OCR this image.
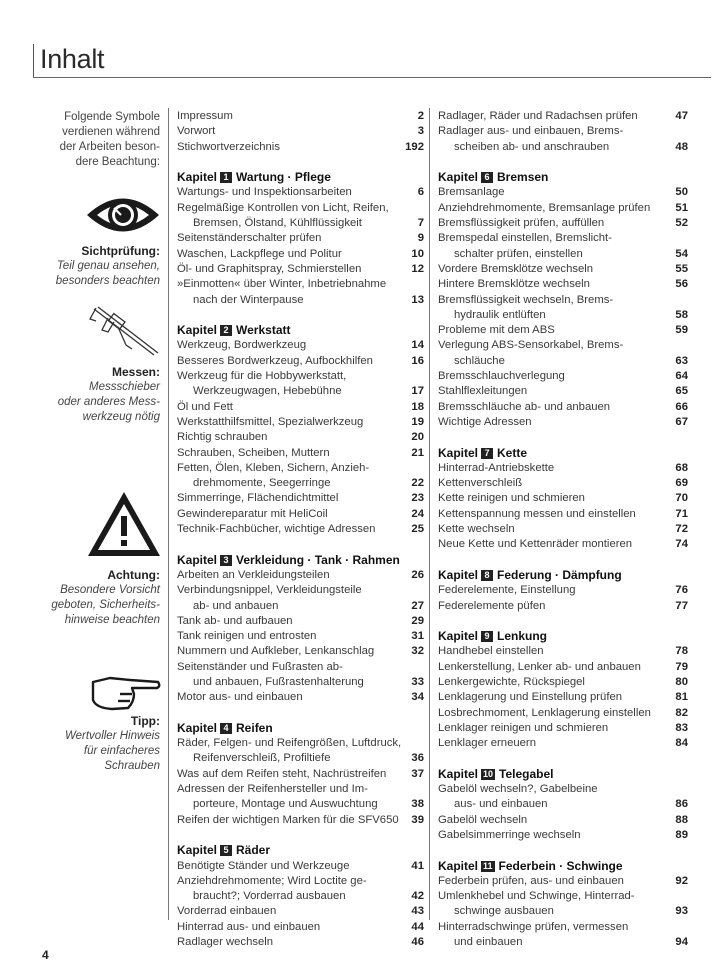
Inhalt
Folgende Symbole
verdienen während
der Arbeiten beson-
dere Beachtung:
Sichtprüfung:
Teil genau ansehen,
besonders beachten
Messen:
Messschieber
oder anderes Mess-
werkzeug nötig
Achtung:
Besondere Vorsicht
geboten, Sicherheits-
hinweise beachten
Tipp:
Wertvoller Hinweis
für einfacheres
Schrauben
Impressum	2
Vorwort	3
Stichwortverzeichnis	192
Kapitel 1 Wartung · Pflege
Wartungs- und Inspektionsarbeiten	6
Regelmäßige Kontrollen von Licht, Reifen,
Bremsen, Ölstand, Kühlflüssigkeit	7
Seitenständerschalter prüfen	9
Waschen, Lackpflege und Politur	10
Öl- und Graphitspray, Schmierstellen	12
»Einmotten« über Winter, Inbetriebnahme
nach der Winterpause	13
Kapitel 2 Werkstatt
Werkzeug, Bordwerkzeug	14
Besseres Bordwerkzeug, Aufbockhilfen	16
Werkzeug für die Hobbywerkstatt,
Werkzeugwagen, Hebebühne	17
Öl und Fett	18
Werkstatthilfsmittel, Spezialwerkzeug	19
Richtig schrauben	20
Schrauben, Scheiben, Muttern	21
Fetten, Ölen, Kleben, Sichern, Anzieh-
drehmomente, Seegerringe	22
Simmerringe, Flächendichtmittel	23
Gewindereparatur mit HeliCoil	24
Technik-Fachbücher, wichtige Adressen	25
Kapitel 3 Verkleidung · Tank · Rahmen
Arbeiten an Verkleidungsteilen	26
Verbindungsnippel, Verkleidungsteile
ab- und anbauen	27
Tank ab- und aufbauen	29
Tank reinigen und entrosten	31
Nummern und Aufkleber, Lenkanschlag	32
Seitenständer und Fußrasten ab-
und anbauen, Fußrastenhalterung	33
Motor aus- und einbauen	34
Kapitel 4 Reifen
Räder, Felgen- und Reifengrößen, Luftdruck,
Reifenverschleiß, Profiltiefe	36
Was auf dem Reifen steht, Nachrüstreifen	37
Adressen der Reifenhersteller und Im-
porteure, Montage und Auswuchtung	38
Reifen der wichtigen Marken für die SFV650 39
Kapitel 5 Räder
Benötigte Ständer und Werkzeuge	41
Anziehdrehmomente; Wird Loctite ge-
braucht?; Vorderrad ausbauen	42
Vorderrad einbauen	43
Hinterrad aus- und einbauen	44
Radlager wechseln	46
Radlager, Räder und Radachsen prüfen	47
Radlager aus- und einbauen, Brems-
scheiben ab- und anschrauben	48
Kapitel 6 Bremsen
Bremsanlage	50
Anziehdrehmomente, Bremsanlage prüfen	51
Bremsflüssigkeit prüfen, auffüllen	52
Bremspedal einstellen, Bremslicht-
schalter prüfen, einstellen	54
Vordere Bremsklötze wechseln	55
Hintere Bremsklötze wechseln	56
Bremsflüssigkeit wechseln, Brems-
hydraulik entlüften	58
Probleme mit dem ABS	59
Verlegung ABS-Sensorkabel, Brems-
schläuche	63
Bremsschlauchverlegung	64
Stahlflexleitungen	65
Bremsschläuche ab- und anbauen	66
Wichtige Adressen	67
Kapitel 7 Kette
Hinterrad-Antriebskette	68
Kettenverschleiß	69
Kette reinigen und schmieren	70
Kettenspannung messen und einstellen	71
Kette wechseln	72
Neue Kette und Kettenräder montieren	74
Kapitel 8 Federung · Dämpfung
Federelemente, Einstellung	76
Federelemente püfen	77
Kapitel 9 Lenkung
Handhebel einstellen	78
Lenkerstellung, Lenker ab- und anbauen	79
Lenkergewichte, Rückspiegel	80
Lenklagerung und Einstellung prüfen	81
Losbrechmoment, Lenklagerung einstellen 82
Lenklager reinigen und schmieren	83
Lenklager erneuern	84
Kapitel 10 Telegabel
Gabelöl wechseln?, Gabelbeine
aus- und einbauen	86
Gabelöl wechseln	88
Gabelsimmerringe wechseln	89
Kapitel 11 Federbein · Schwinge
Federbein prüfen, aus- und einbauen	92
Umlenkhebel und Schwinge, Hinterrad-
schwinge ausbauen	93
Hinterradschwinge prüfen, vermessen
und einbauen	94
4
